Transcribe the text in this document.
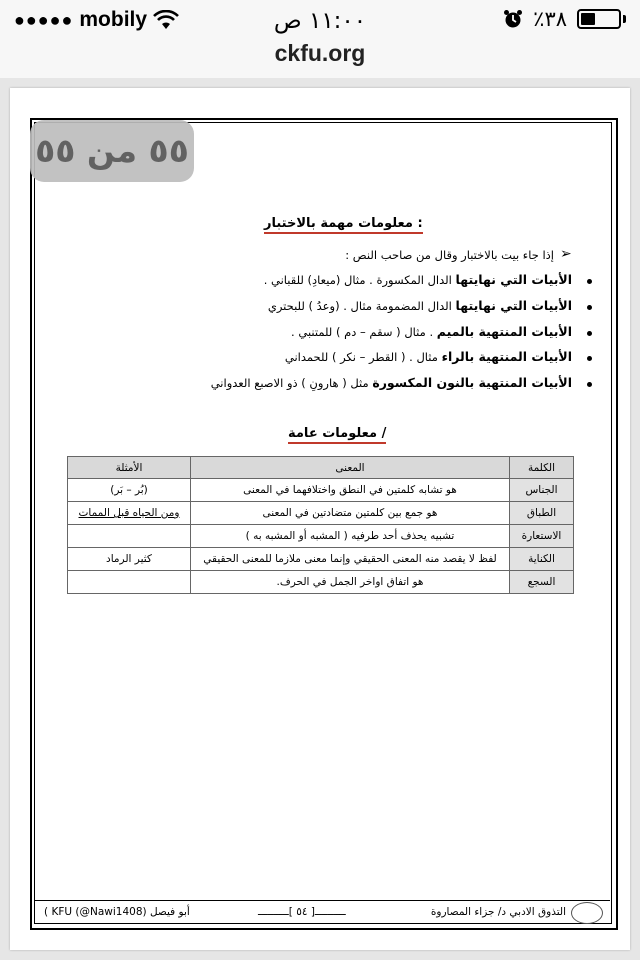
●●●●● mobily	١١:٠٠ ص	٪٣٨
ckfu.org
معلومات مهمة بالاختبار :
➢
إذا جاء بيت بالاختبار وقال من صاحب النص :
الأبيات التي نهايتها الدال المكسورة . مثال (ميعادِ) للقباني .
الأبيات التي نهايتها الدال المضمومة مثال . (وعدُ ) للبحتري
الأبيات المنتهية بالميم . مثال ( سقم – دم ) للمتنبي .
الأبيات المنتهية بالراء مثال . ( القطر – نكر ) للحمداني
الأبيات المنتهية بالنون المكسورة مثل ( هارونِ ) ذو الاصبع العدواني
معلومات عامة /
الكلمة	المعنى	الأمثلة
الجناس	هو تشابه كلمتين في النطق واختلافهما في المعنى	(بُر – بَر)
الطباق	هو جمع بين كلمتين متضادتين في المعنى	ومن الحياه قبل الممات
الاستعارة	تشبيه يحذف أحد طرفيه ( المشبه أو المشبه به )	
الكناية	لفظ لا يقصد منه المعنى الحقيقي وإنما معنى ملازما للمعنى الحقيقي	كثير الرماد
السجع	هو اتفاق اواخر الجمل في الحرف.	
التذوق الادبي د/ جزاء المصاروة
ــــــــــ[ ٥٤ ]ــــــــــ
( KFU (@Nawi1408) أبو فيصل
٥٥ من ٥٥
